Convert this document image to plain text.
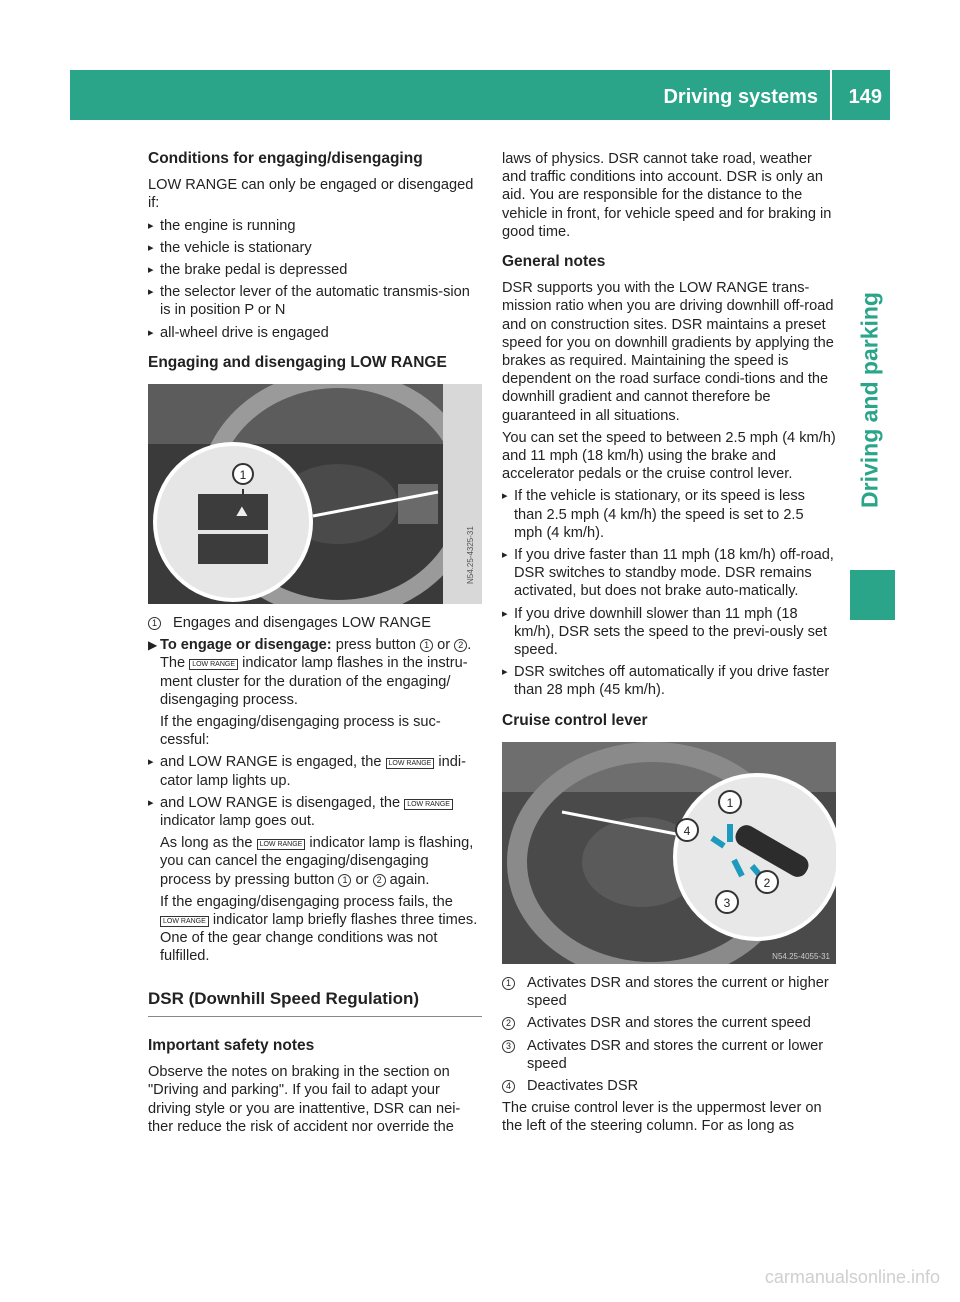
Driving systems 149
Driving and parking
Conditions for engaging/disengaging

LOW RANGE can only be engaged or disengaged if:

▸ the engine is running
▸ the vehicle is stationary
▸ the brake pedal is depressed
▸ the selector lever of the automatic transmis-sion is in position P or N
▸ all-wheel drive is engaged
Engaging and disengaging LOW RANGE
⛰
1
N54.25-4325-31
1 Engages and disengages LOW RANGE
▶ To engage or disengage: press button 1 or 2 .
The LOW RANGE indicator lamp flashes in the instru-ment cluster for the duration of the engaging/ disengaging process.

If the engaging/disengaging process is suc-cessful:

▸ and LOW RANGE is engaged, the LOW RANGE indi-cator lamp lights up.
▸ and LOW RANGE is disengaged, the LOW RANGE indicator lamp goes out.

As long as the LOW RANGE indicator lamp is flashing, you can cancel the engaging/disengaging process by pressing button 1 or 2 again.

If the engaging/disengaging process fails, the LOW RANGE indicator lamp briefly flashes three times. One of the gear change conditions was not fulfilled.

DSR (Downhill Speed Regulation)
Important safety notes

Observe the notes on braking in the section on "Driving and parking". If you fail to adapt your driving style or you are inattentive, DSR can nei-ther reduce the risk of accident nor override the

laws of physics. DSR cannot take road, weather and traffic conditions into account. DSR is only an aid. You are responsible for the distance to the vehicle in front, for vehicle speed and for braking in good time.

General notes

DSR supports you with the LOW RANGE trans-mission ratio when you are driving downhill off-road and on construction sites. DSR maintains a preset speed for you on downhill gradients by applying the brakes as required. Maintaining the speed is dependent on the road surface condi-tions and the downhill gradient and cannot therefore be guaranteed in all situations.

You can set the speed to between 2.5 mph (4 km/h) and 11 mph (18 km/h) using the brake and accelerator pedals or the cruise control lever.

▸ If the vehicle is stationary, or its speed is less than 2.5 mph (4 km/h) the speed is set to 2.5 mph (4 km/h).
▸ If you drive faster than 11 mph (18 km/h) off-road, DSR switches to standby mode. DSR remains activated, but does not brake auto-matically.
▸ If you drive downhill slower than 11 mph (18 km/h), DSR sets the speed to the previ-ously set speed.
▸ DSR switches off automatically if you drive faster than 28 mph (45 km/h).
Cruise control lever
1
2
3
4
N54.25-4055-31
1 Activates DSR and stores the current or higher speed
2 Activates DSR and stores the current speed
3 Activates DSR and stores the current or lower speed
4 Deactivates DSR

The cruise control lever is the uppermost lever on the left of the steering column. For as long as

carmanualsonline.info
